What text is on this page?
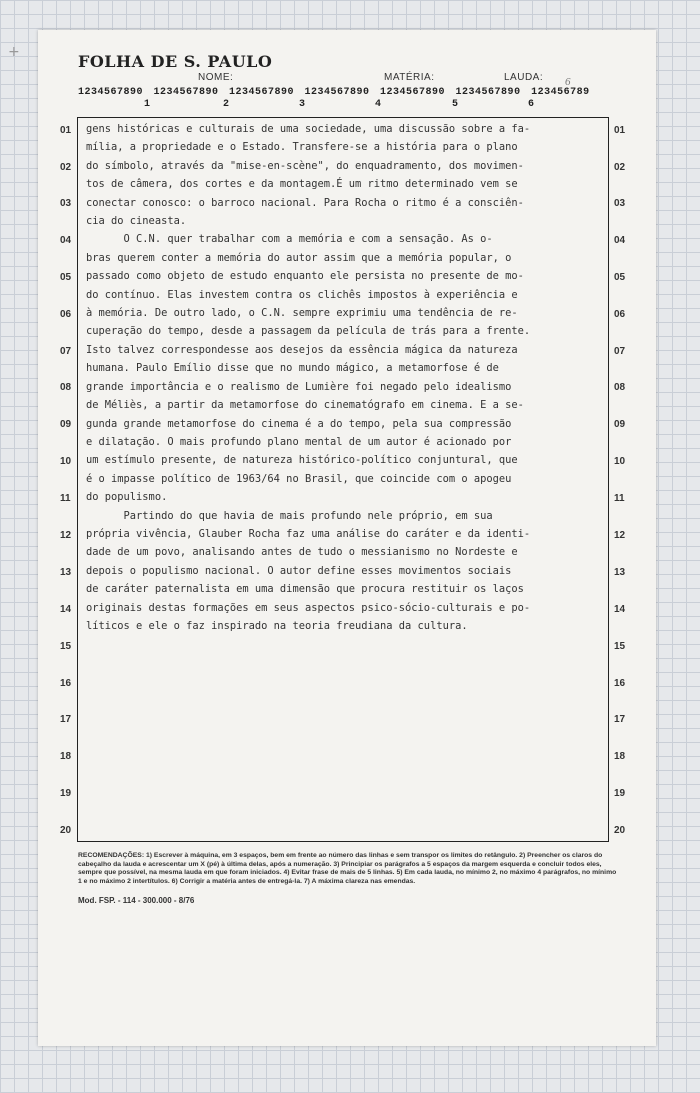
+	FOLHA DE S. PAULO
NOME:	MATÉRIA:	LAUDA: 6
1234567890 1234567890 1234567890 1234567890 1234567890 1234567890 123456789
1	2	3	4	5	6
01	01
02	02
03	03
04	04
05	05
06	06
07	07
08	08
09	09
10	10
11	11
12	12
13	13
14	14
15	15
16	16
17	17
18	18
19	19
20	20
gens históricas e culturais de uma sociedade, uma discussão sobre a fa-
mília, a propriedade e o Estado. Transfere-se a história para o plano
do símbolo, através da "mise-en-scène", do enquadramento, dos movimen-
tos de câmera, dos cortes e da montagem.É um ritmo determinado vem se
conectar conosco: o barroco nacional. Para Rocha o ritmo é a consciên-
cia do cineasta.
O C.N. quer trabalhar com a memória e com a sensação. As o-
bras querem conter a memória do autor assim que a memória popular, o
passado como objeto de estudo enquanto ele persista no presente de mo-
do contínuo. Elas investem contra os clichês impostos à experiência e
à memória. De outro lado, o C.N. sempre exprimiu uma tendência de re-
cuperação do tempo, desde a passagem da película de trás para a frente.
Isto talvez correspondesse aos desejos da essência mágica da natureza
humana. Paulo Emílio disse que no mundo mágico, a metamorfose é de
grande importância e o realismo de Lumière foi negado pelo idealismo
de Méliès, a partir da metamorfose do cinematógrafo em cinema. E a se-
gunda grande metamorfose do cinema é a do tempo, pela sua compressão
e dilatação. O mais profundo plano mental de um autor é acionado por
um estímulo presente, de natureza histórico-político conjuntural, que
é o impasse político de 1963/64 no Brasil, que coincide com o apogeu
do populismo.
Partindo do que havia de mais profundo nele próprio, em sua
própria vivência, Glauber Rocha faz uma análise do caráter e da identi-
dade de um povo, analisando antes de tudo o messianismo no Nordeste e
depois o populismo nacional. O autor define esses movimentos sociais
de caráter paternalista em uma dimensão que procura restituir os laços
originais destas formações em seus aspectos psico-sócio-culturais e po-
líticos e ele o faz inspirado na teoria freudiana da cultura.
RECOMENDAÇÕES: 1) Escrever à máquina, em 3 espaços, bem em frente ao número das linhas e sem transpor os limites do retângulo. 2) Preencher os claros do cabeçalho da lauda e acrescentar um X (pé) à última delas, após a numeração. 3) Principiar os parágrafos a 5 espaços da margem esquerda e concluir todos eles, sempre que possível, na mesma lauda em que foram iniciados. 4) Evitar frase de mais de 5 linhas. 5) Em cada lauda, no mínimo 2, no máximo 4 parágrafos, no mínimo 1 e no máximo 2 intertítulos. 6) Corrigir a matéria antes de entregá-la. 7) A máxima clareza nas emendas.
Mod. FSP. - 114 - 300.000 - 8/76
